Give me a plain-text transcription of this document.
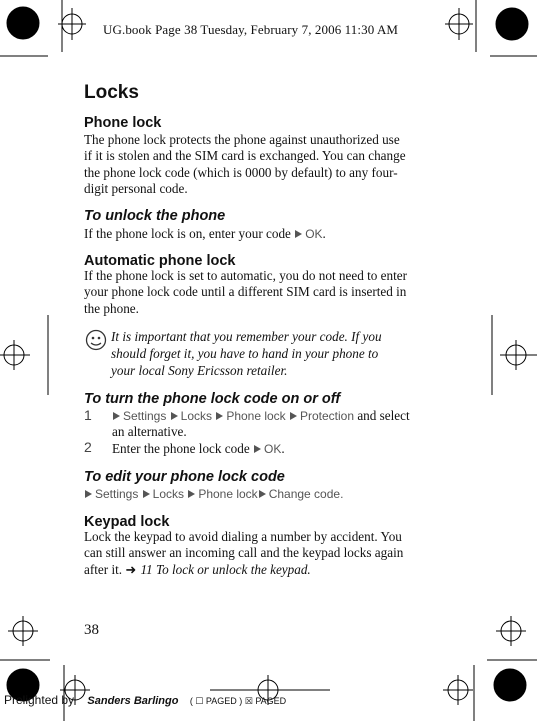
UG.book Page 38 Tuesday, February 7, 2006 11:30 AM
Locks
Phone lock
The phone lock protects the phone against unauthorized use
if it is stolen and the SIM card is exchanged. You can change
the phone lock code (which is 0000 by default) to any four-
digit personal code.
To unlock the phone
If the phone lock is on, enter your code OK.
Automatic phone lock
If the phone lock is set to automatic, you do not need to enter
your phone lock code until a different SIM card is inserted in
the phone.
It is important that you remember your code. If you
should forget it, you have to hand in your phone to
your local Sony Ericsson retailer.
To turn the phone lock code on or off
1	Settings Locks Phone lock Protection and select
an alternative.
2 Enter the phone lock code OK.
To edit your phone lock code
Settings Locks Phone lock Change code.
Keypad lock
Lock the keypad to avoid dialing a number by accident. You
can still answer an incoming call and the keypad locks again
after it. ➜ 11 To lock or unlock the keypad.
38
Prelighted by Sanders Barlingo ( ☐ PAGED ) ☒ PAGED
